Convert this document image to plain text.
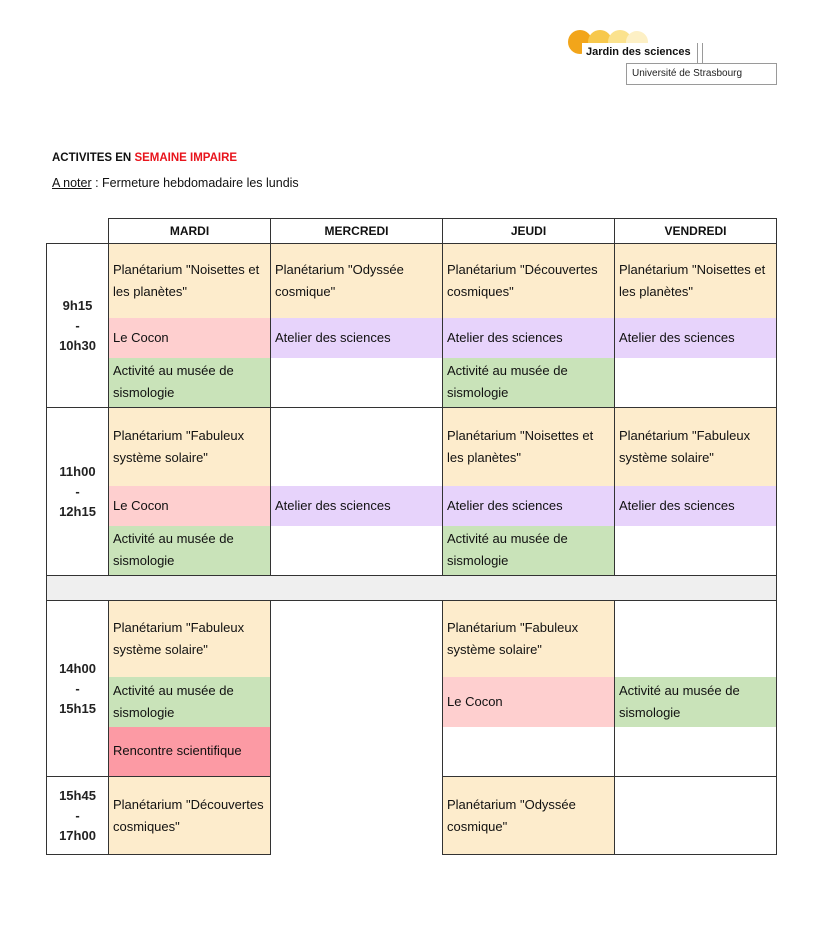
Jardin des sciences
Université de Strasbourg
ACTIVITES EN SEMAINE IMPAIRE
A noter : Fermeture hebdomadaire les lundis
	MARDI	MERCREDI	JEUDI	VENDREDI

9h15
-
10h30	Planétarium "Noisettes et les planètes"	Planétarium "Odyssée cosmique"	Planétarium "Découvertes cosmiques"	Planétarium "Noisettes et les planètes"
	Le Cocon	Atelier des sciences	Atelier des sciences	Atelier des sciences
	Activité au musée de sismologie		Activité au musée de sismologie	

11h00
-
12h15	Planétarium "Fabuleux système solaire"		Planétarium "Noisettes et les planètes"	Planétarium "Fabuleux système solaire"
	Le Cocon	Atelier des sciences	Atelier des sciences	Atelier des sciences
	Activité au musée de sismologie		Activité au musée de sismologie	

14h00
-
15h15	Planétarium "Fabuleux système solaire"		Planétarium "Fabuleux système solaire"	
	Activité au musée de sismologie		Le Cocon	Activité au musée de sismologie
	Rencontre scientifique			

15h45
-
17h00	Planétarium "Découvertes cosmiques"		Planétarium "Odyssée cosmique"	
